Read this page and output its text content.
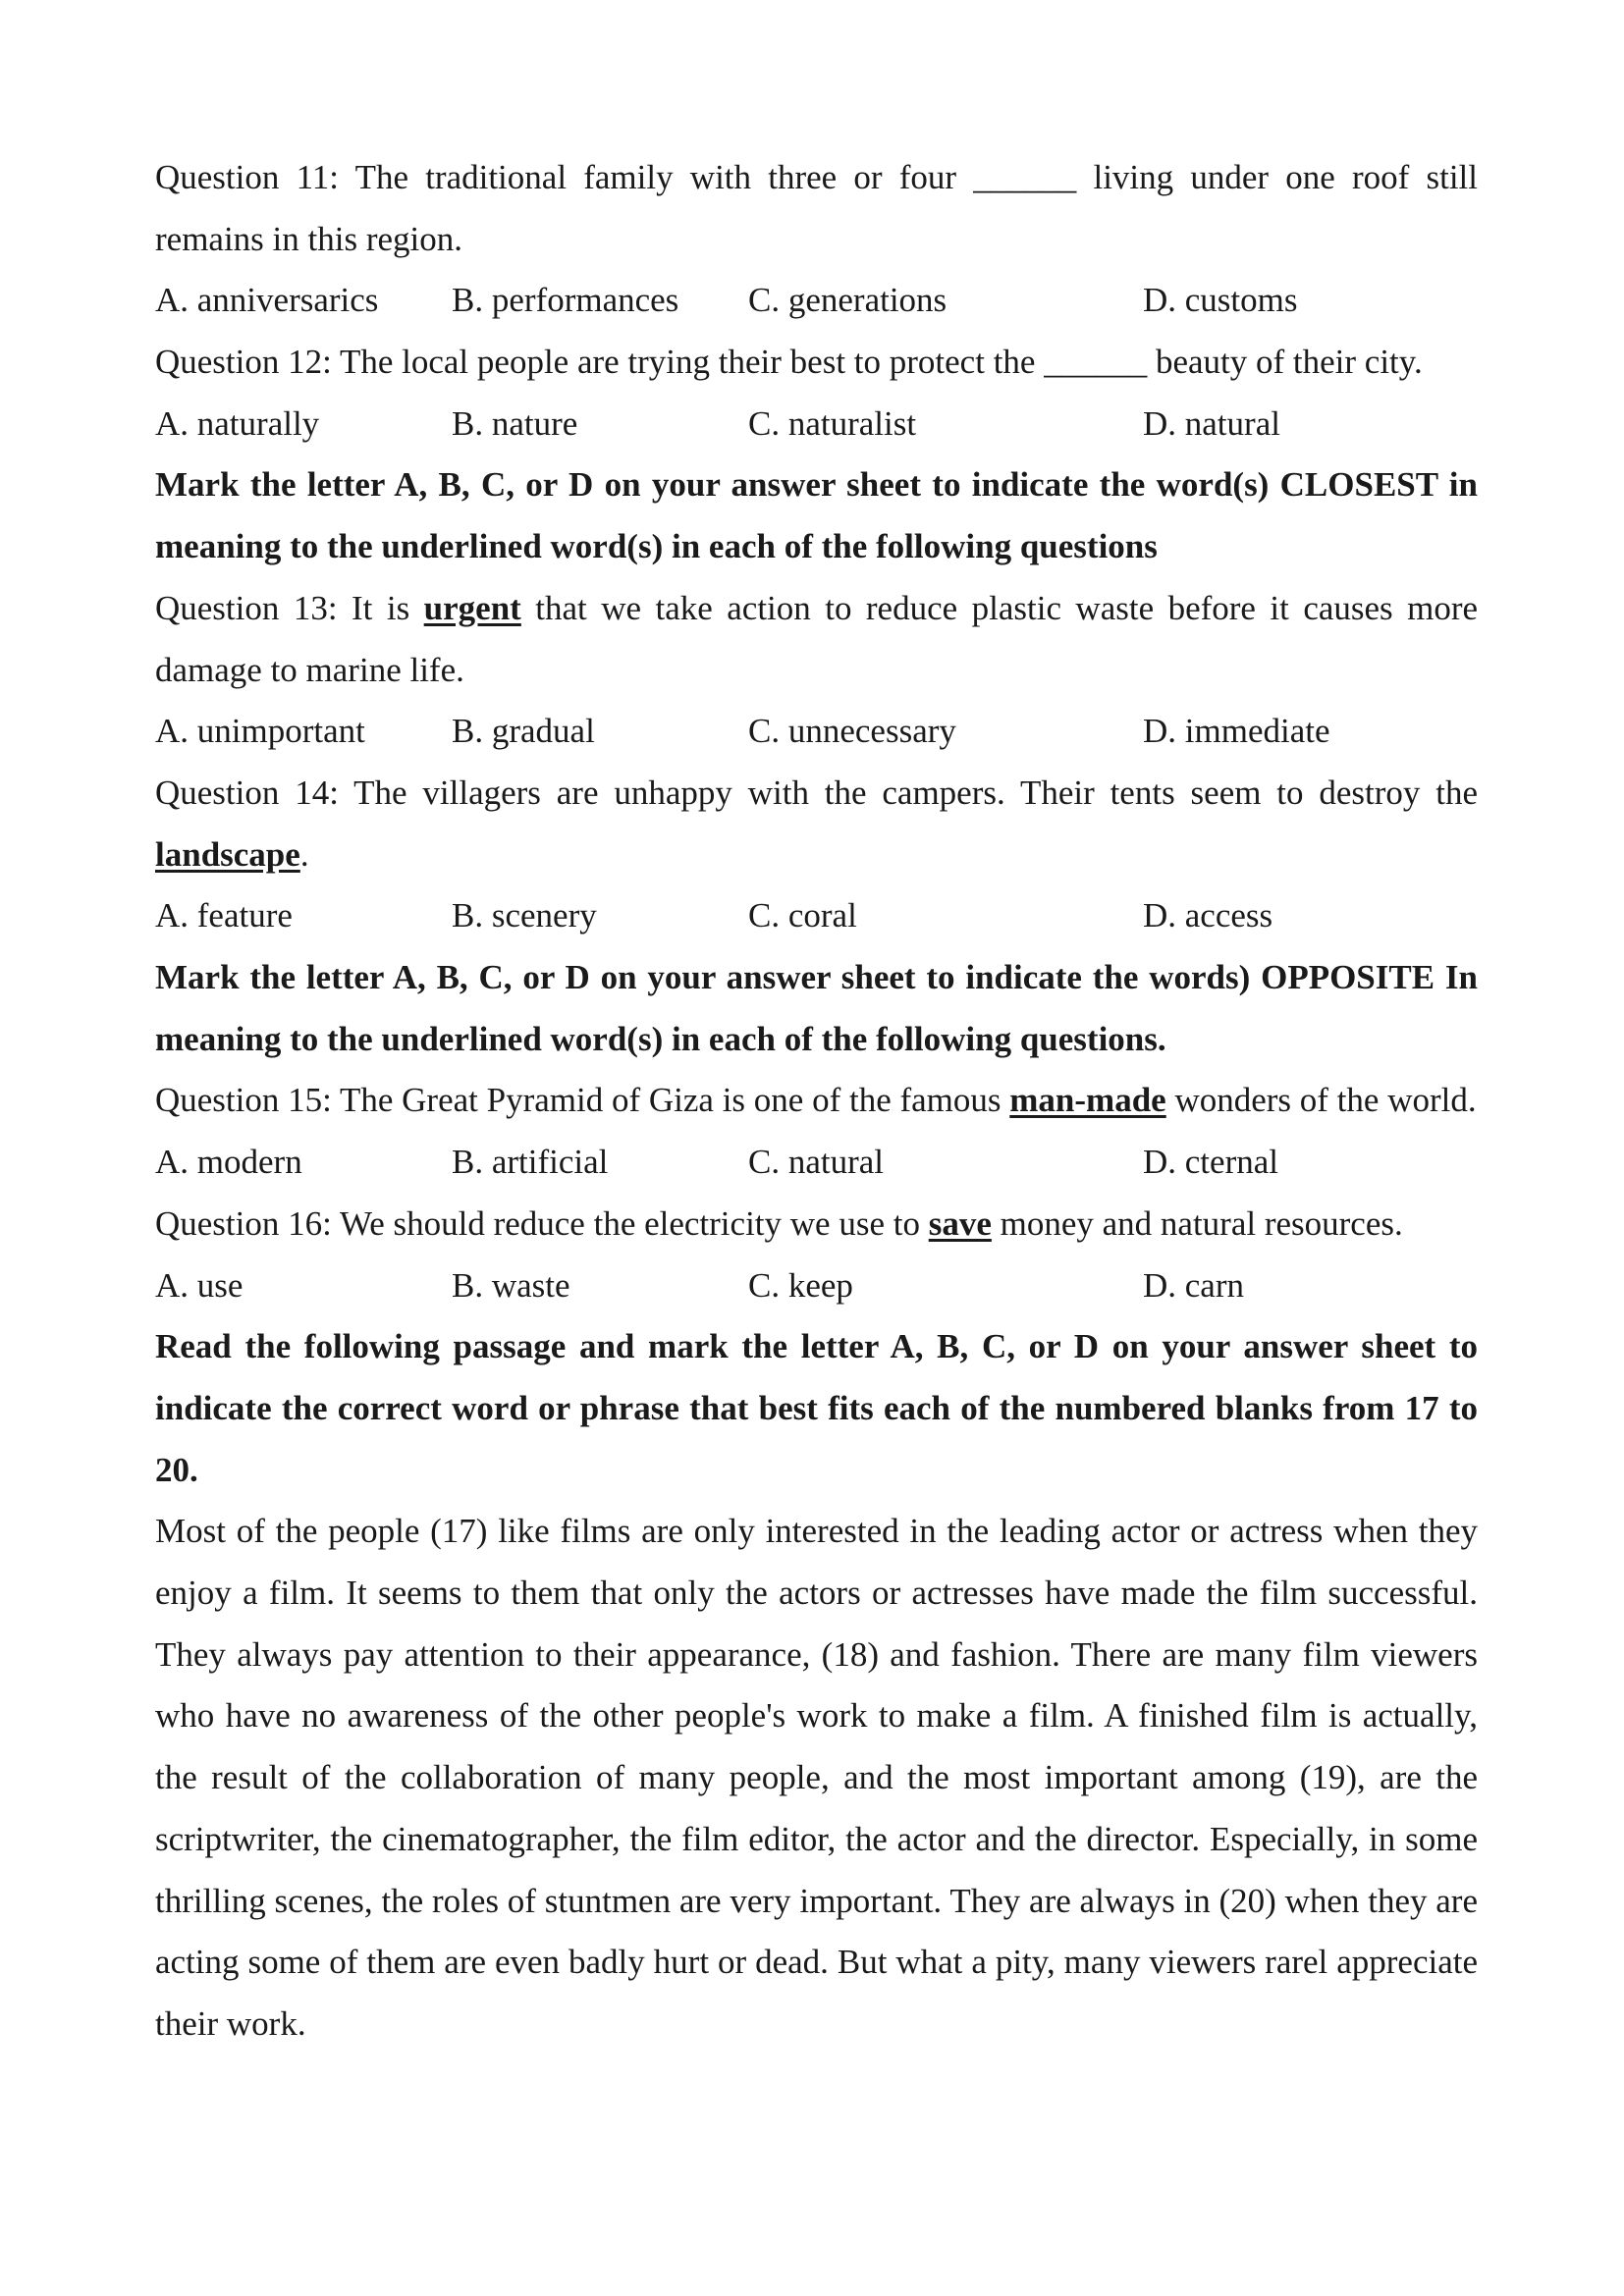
Question 11: The traditional family with three or four ______ living under one roof still remains in this region.

A. anniversarics	B. performances	C. generations	D. customs

Question 12: The local people are trying their best to protect the ______ beauty of their city.

A. naturally	B. nature	C. naturalist	D. natural

Mark the letter A, B, C, or D on your answer sheet to indicate the word(s) CLOSEST in meaning to the underlined word(s) in each of the following questions

Question 13: It is urgent that we take action to reduce plastic waste before it causes more damage to marine life.

A. unimportant	B. gradual	C. unnecessary	D. immediate

Question 14: The villagers are unhappy with the campers. Their tents seem to destroy the landscape.

A. feature	B. scenery	C. coral	D. access

Mark the letter A, B, C, or D on your answer sheet to indicate the words) OPPOSITE In meaning to the underlined word(s) in each of the following questions.

Question 15: The Great Pyramid of Giza is one of the famous man-made wonders of the world.

A. modern	B. artificial	C. natural	D. cternal

Question 16: We should reduce the electricity we use to save money and natural resources.

A. use	B. waste	C. keep	D. carn

Read the following passage and mark the letter A, B, C, or D on your answer sheet to indicate the correct word or phrase that best fits each of the numbered blanks from 17 to 20.

Most of the people (17) like films are only interested in the leading actor or actress when they enjoy a film. It seems to them that only the actors or actresses have made the film successful. They always pay attention to their appearance, (18) and fashion. There are many film viewers who have no awareness of the other people's work to make a film. A finished film is actually, the result of the collaboration of many people, and the most important among (19), are the scriptwriter, the cinematographer, the film editor, the actor and the director. Especially, in some thrilling scenes, the roles of stuntmen are very important. They are always in (20) when they are acting some of them are even badly hurt or dead. But what a pity, many viewers rarel appreciate their work.
